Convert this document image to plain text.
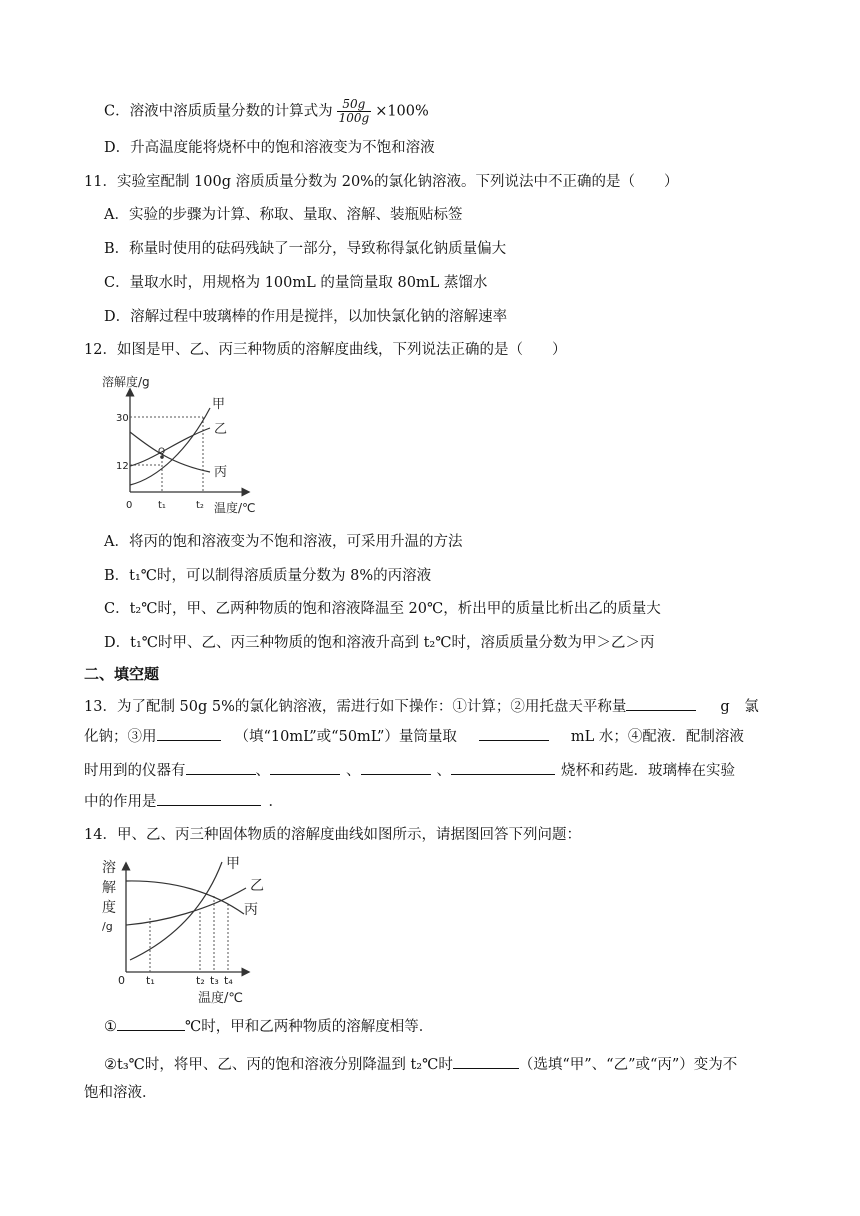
C．溶液中溶质质量分数的计算式为 $\frac{50g}{100g} \times 100\%$
D．升高温度能将烧杯中的饱和溶液变为不饱和溶液
11．实验室配制 100g 溶质质量分数为 20%的氯化钠溶液。下列说法中不正确的是（　　）
A．实验的步骤为计算、称取、量取、溶解、装瓶贴标签
B．称量时使用的砝码残缺了一部分，导致称得氯化钠质量偏大
C．量取水时，用规格为 100mL 的量筒量取 80mL 蒸馏水
D．溶解过程中玻璃棒的作用是搅拌，以加快氯化钠的溶解速率
12．如图是甲、乙、丙三种物质的溶解度曲线，下列说法正确的是（　　）
溶解度/g
温度/℃
30
12
0	t₁	t₂
Q
甲
乙
丙
A．将丙的饱和溶液变为不饱和溶液，可采用升温的方法
B．t₁℃时，可以制得溶质质量分数为 8%的丙溶液
C．t₂℃时，甲、乙两种物质的饱和溶液降温至 20℃，析出甲的质量比析出乙的质量大
D．t₁℃时甲、乙、丙三种物质的饱和溶液升高到 t₂℃时，溶质质量分数为甲＞乙＞丙
二、填空题
13．为了配制 50g 5%的氯化钠溶液，需进行如下操作：①计算；②用托盘天平称量	g　氯
化钠；③用	（填“10mL”或“50mL”）量筒量取	mL 水；④配液．配制溶液
时用到的仪器有	、	、	、	烧杯和药匙．玻璃棒在实验
中的作用是	．
14．甲、乙、丙三种固体物质的溶解度曲线如图所示，请据图回答下列问题：
溶
解
度
/g
温度/℃
0 t₁	t₂ t₃ t₄
甲
乙
丙
①	℃时，甲和乙两种物质的溶解度相等．
②t₃℃时，将甲、乙、丙的饱和溶液分别降温到 t₂℃时	（选填“甲”、“乙”或“丙”）变为不
饱和溶液．
